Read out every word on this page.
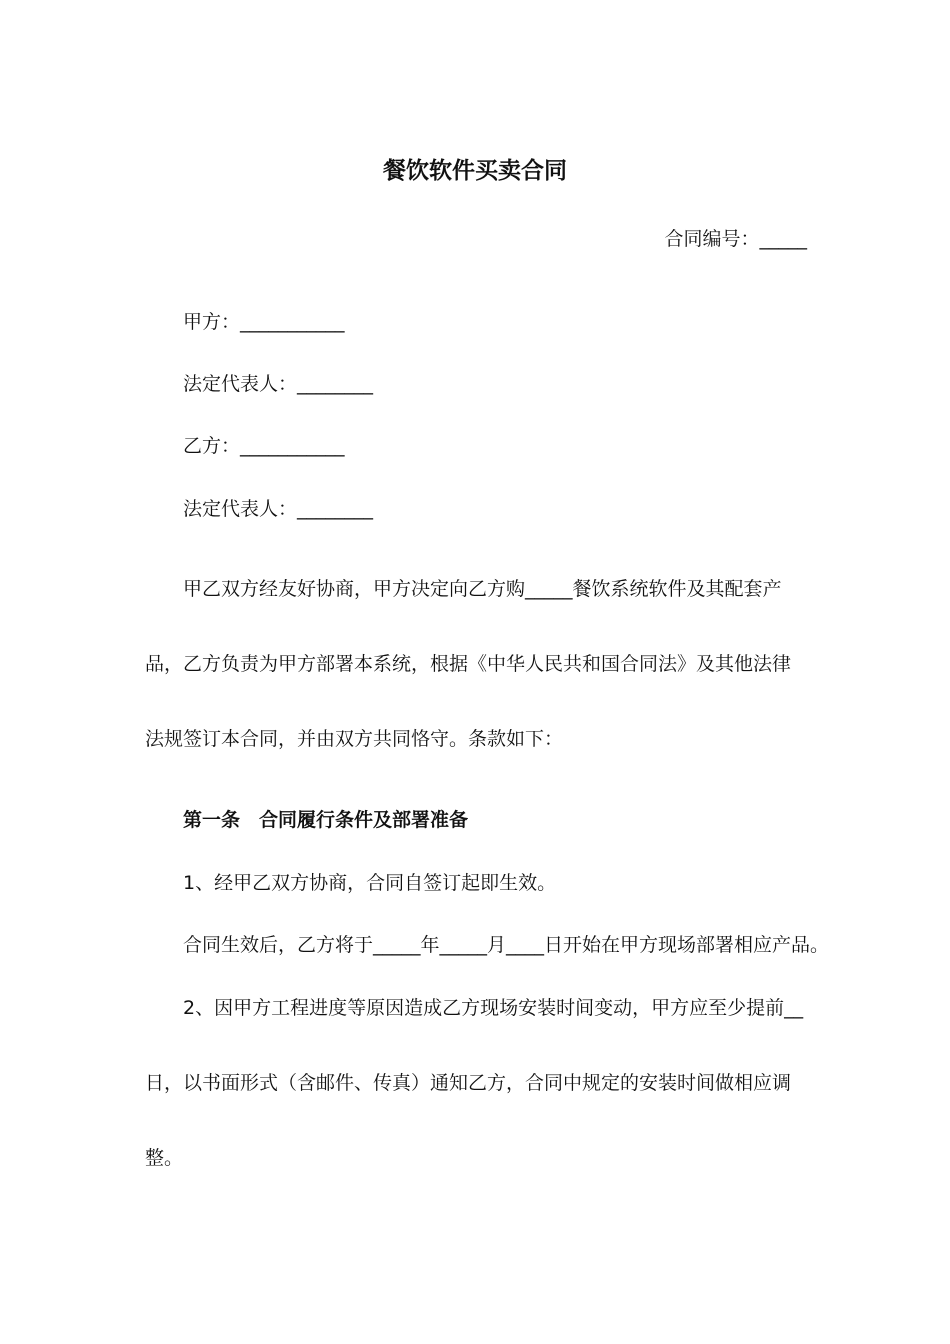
餐饮软件买卖合同
合同编号：_____
甲方：___________
法定代表人：________
乙方：___________
法定代表人：________
甲乙双方经友好协商，甲方决定向乙方购_____餐饮系统软件及其配套产
品，乙方负责为甲方部署本系统，根据《中华人民共和国合同法》及其他法律
法规签订本合同，并由双方共同恪守。条款如下：
第一条　合同履行条件及部署准备
1、经甲乙双方协商，合同自签订起即生效。
合同生效后，乙方将于_____年_____月____日开始在甲方现场部署相应产品。
2、因甲方工程进度等原因造成乙方现场安装时间变动，甲方应至少提前__
日，以书面形式（含邮件、传真）通知乙方，合同中规定的安装时间做相应调
整。
